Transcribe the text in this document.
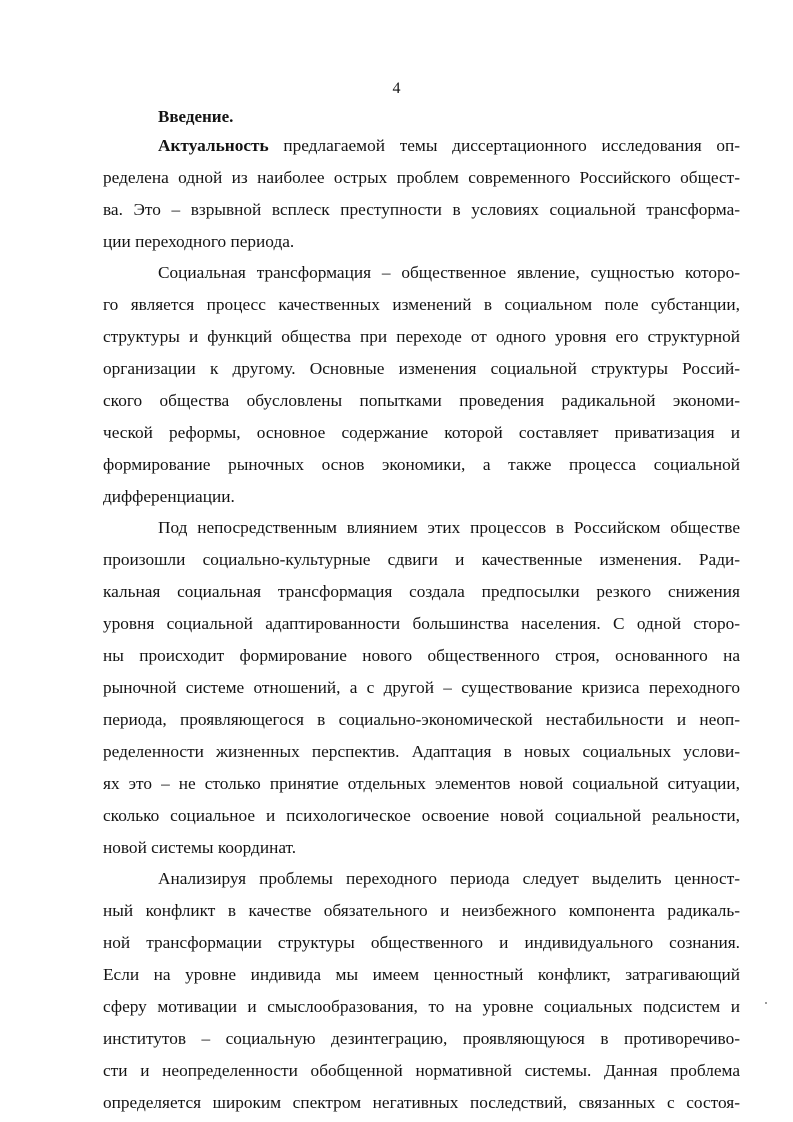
4
Введение.
Актуальность предлагаемой темы диссертационного исследования оп-
ределена одной из наиболее острых проблем современного Российского общест-
ва. Это – взрывной всплеск преступности в условиях социальной трансформа-
ции переходного периода.
Социальная трансформация – общественное явление, сущностью которо-
го является процесс качественных изменений в социальном поле субстанции,
структуры и функций общества при переходе от одного уровня его структурной
организации к другому. Основные изменения социальной структуры Россий-
ского общества обусловлены попытками проведения радикальной экономи-
ческой реформы, основное содержание которой составляет приватизация и
формирование рыночных основ экономики, а также процесса социальной
дифференциации.
Под непосредственным влиянием этих процессов в Российском обществе
произошли социально-культурные сдвиги и качественные изменения. Ради-
кальная социальная трансформация создала предпосылки резкого снижения
уровня социальной адаптированности большинства населения. С одной сторо-
ны происходит формирование нового общественного строя, основанного на
рыночной системе отношений, а с другой – существование кризиса переходного
периода, проявляющегося в социально-экономической нестабильности и неоп-
ределенности жизненных перспектив. Адаптация в новых социальных услови-
ях это – не столько принятие отдельных элементов новой социальной ситуации,
сколько социальное и психологическое освоение новой социальной реальности,
новой системы координат.
Анализируя проблемы переходного периода следует выделить ценност-
ный конфликт в качестве обязательного и неизбежного компонента радикаль-
ной трансформации структуры общественного и индивидуального сознания.
Если на уровне индивида мы имеем ценностный конфликт, затрагивающий
сферу мотивации и смыслообразования, то на уровне социальных подсистем и
институтов – социальную дезинтеграцию, проявляющуюся в противоречиво-
сти и неопределенности обобщенной нормативной системы. Данная проблема
определяется широким спектром негативных последствий, связанных с состоя-
